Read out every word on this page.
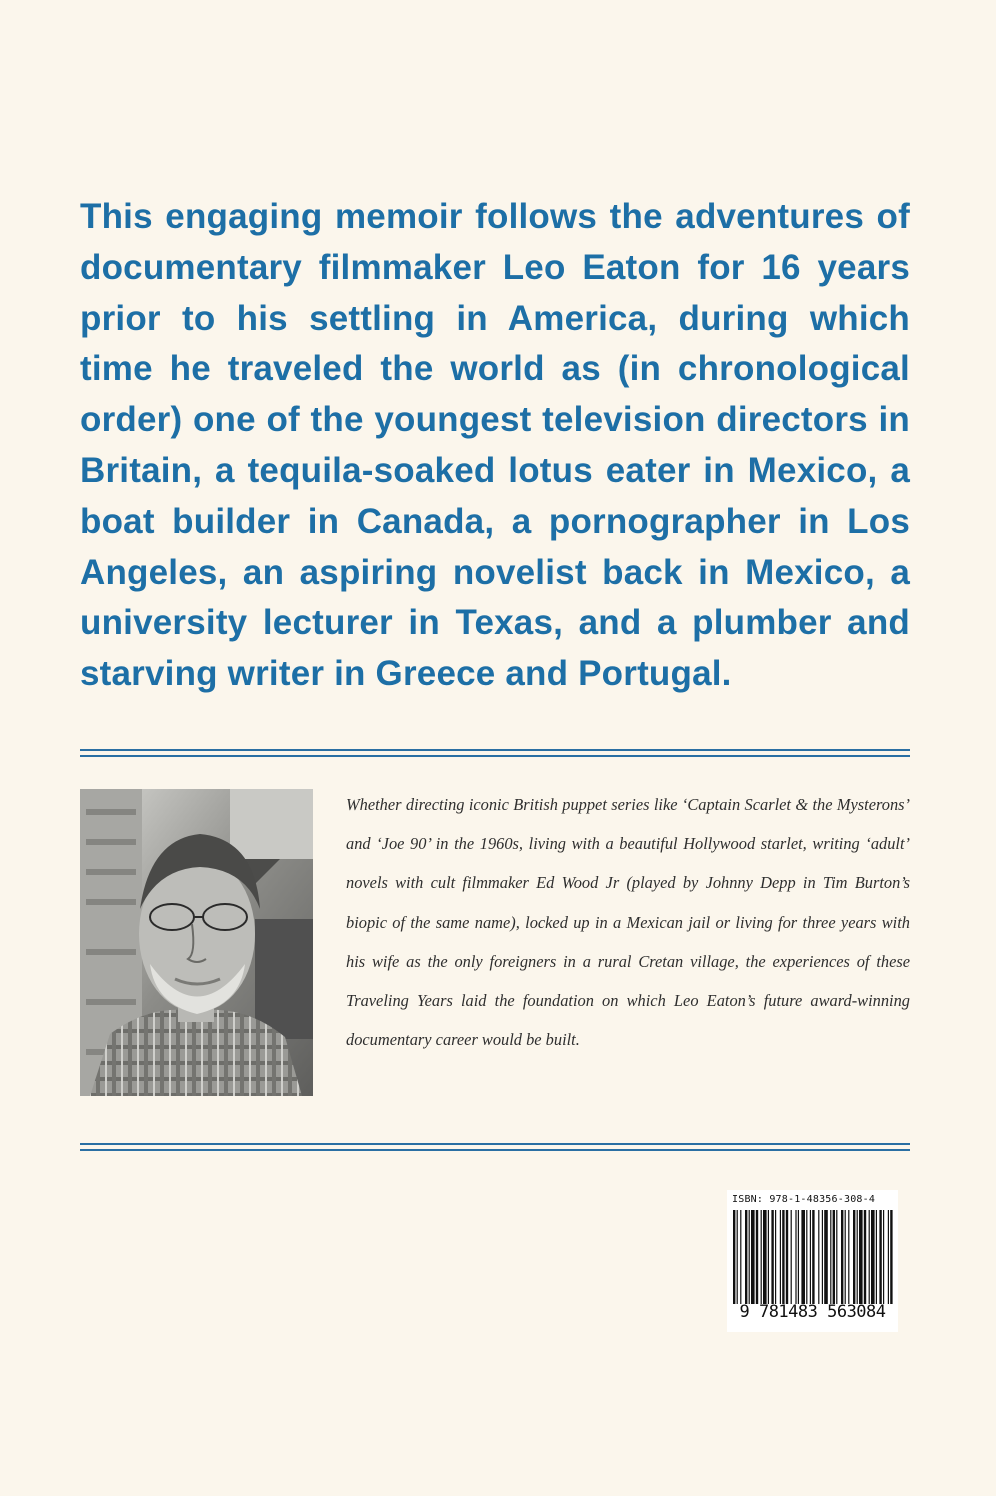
This engaging memoir follows the adventures of documentary filmmaker Leo Eaton for 16 years prior to his settling in America, during which time he traveled the world as (in chronological order) one of the youngest television directors in Britain, a tequila-soaked lotus eater in Mexico, a boat builder in Canada, a pornographer in Los Angeles, an aspiring novelist back in Mexico, a university lecturer in Texas, and a plumber and starving writer in Greece and Portugal.

Whether directing iconic British puppet series like ‘Captain Scarlet & the Mysterons’ and ‘Joe 90’ in the 1960s, living with a beautiful Hollywood starlet, writing ‘adult’ novels with cult filmmaker Ed Wood Jr (played by Johnny Depp in Tim Burton’s biopic of the same name), locked up in a Mexican jail or living for three years with his wife as the only foreigners in a rural Cretan village, the experiences of these Traveling Years laid the foundation on which Leo Eaton’s future award-winning documentary career would be built.

ISBN: 978-1-48356-308-4
9 781483 563084
